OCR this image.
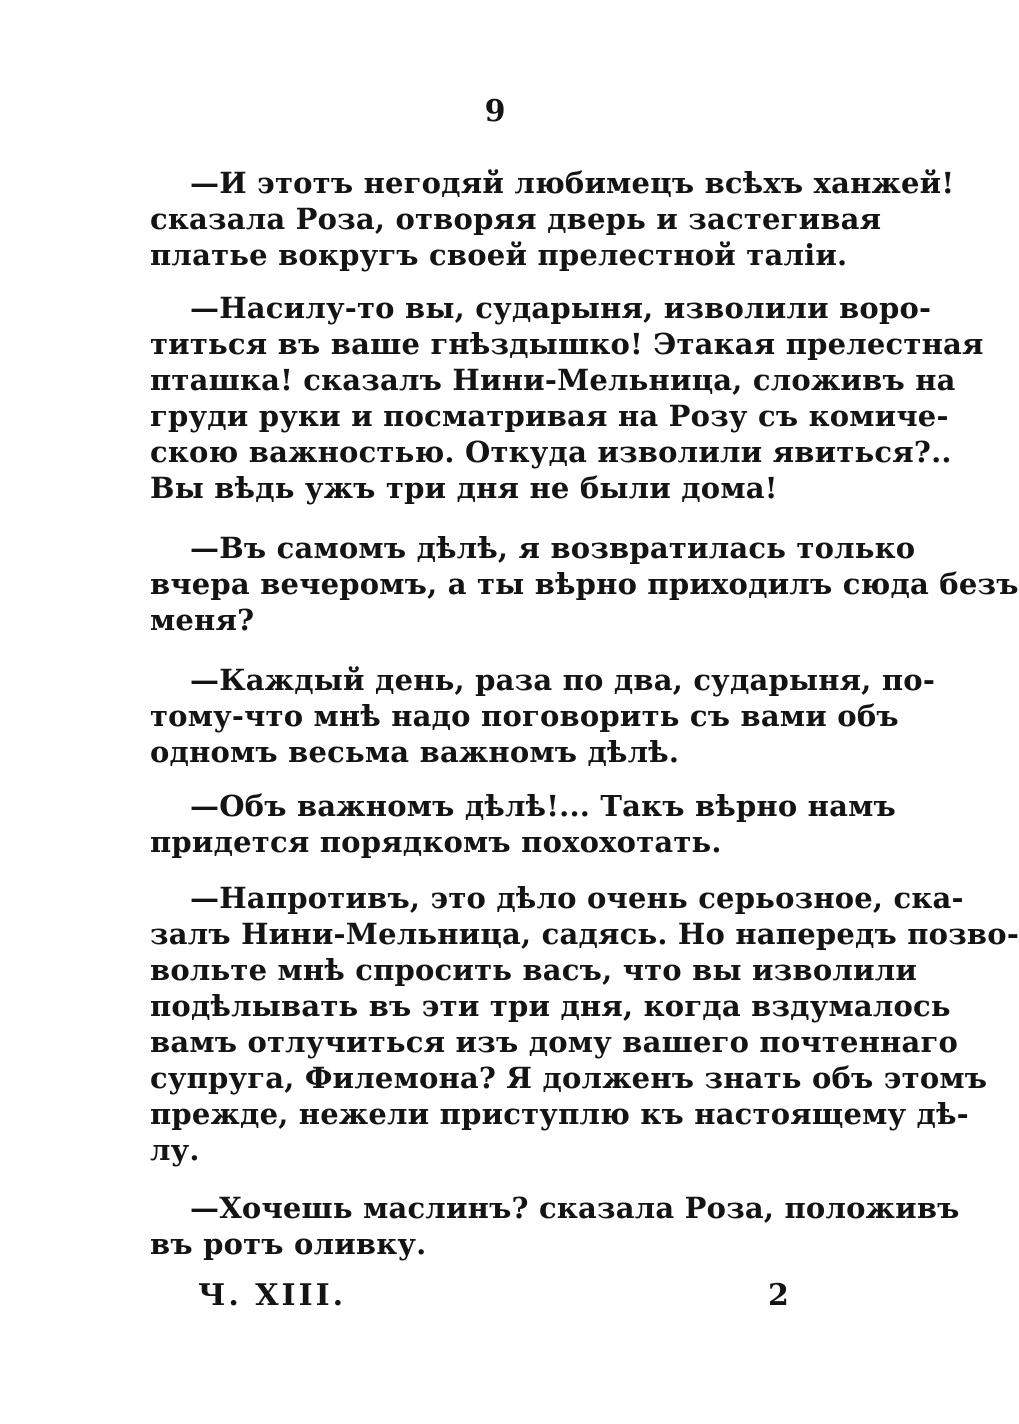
9

—И этотъ негодяй любимецъ всѣхъ ханжей!
сказала Роза, отворяя дверь и застегивая
платье вокругъ своей прелестной таліи.

—Насилу-то вы, сударыня, изволили воро-
титься въ ваше гнѣздышко! Этакая прелестная
пташка! сказалъ Нини-Мельница, сложивъ на
груди руки и посматривая на Розу съ комиче-
скою важностью. Откуда изволили явиться?..
Вы вѣдь ужъ три дня не были дома!

—Въ самомъ дѣлѣ, я возвратилась только
вчера вечеромъ, а ты вѣрно приходилъ сюда безъ
меня?

—Каждый день, раза по два, сударыня, по-
тому-что мнѣ надо поговорить съ вами объ
одномъ весьма важномъ дѣлѣ.

—Объ важномъ дѣлѣ!... Такъ вѣрно намъ
придется порядкомъ похохотать.

—Напротивъ, это дѣло очень серьозное, ска-
залъ Нини-Мельница, садясь. Но напередъ позво-
вольте мнѣ спросить васъ, что вы изволили
подѣлывать въ эти три дня, когда вздумалось
вамъ отлучиться изъ дому вашего почтеннаго
супруга, Филемона? Я долженъ знать объ этомъ
прежде, нежели приступлю къ настоящему дѣ-
лу.

—Хочешь маслинъ? сказала Роза, положивъ
въ ротъ оливку.

Ч. XIII.	2
